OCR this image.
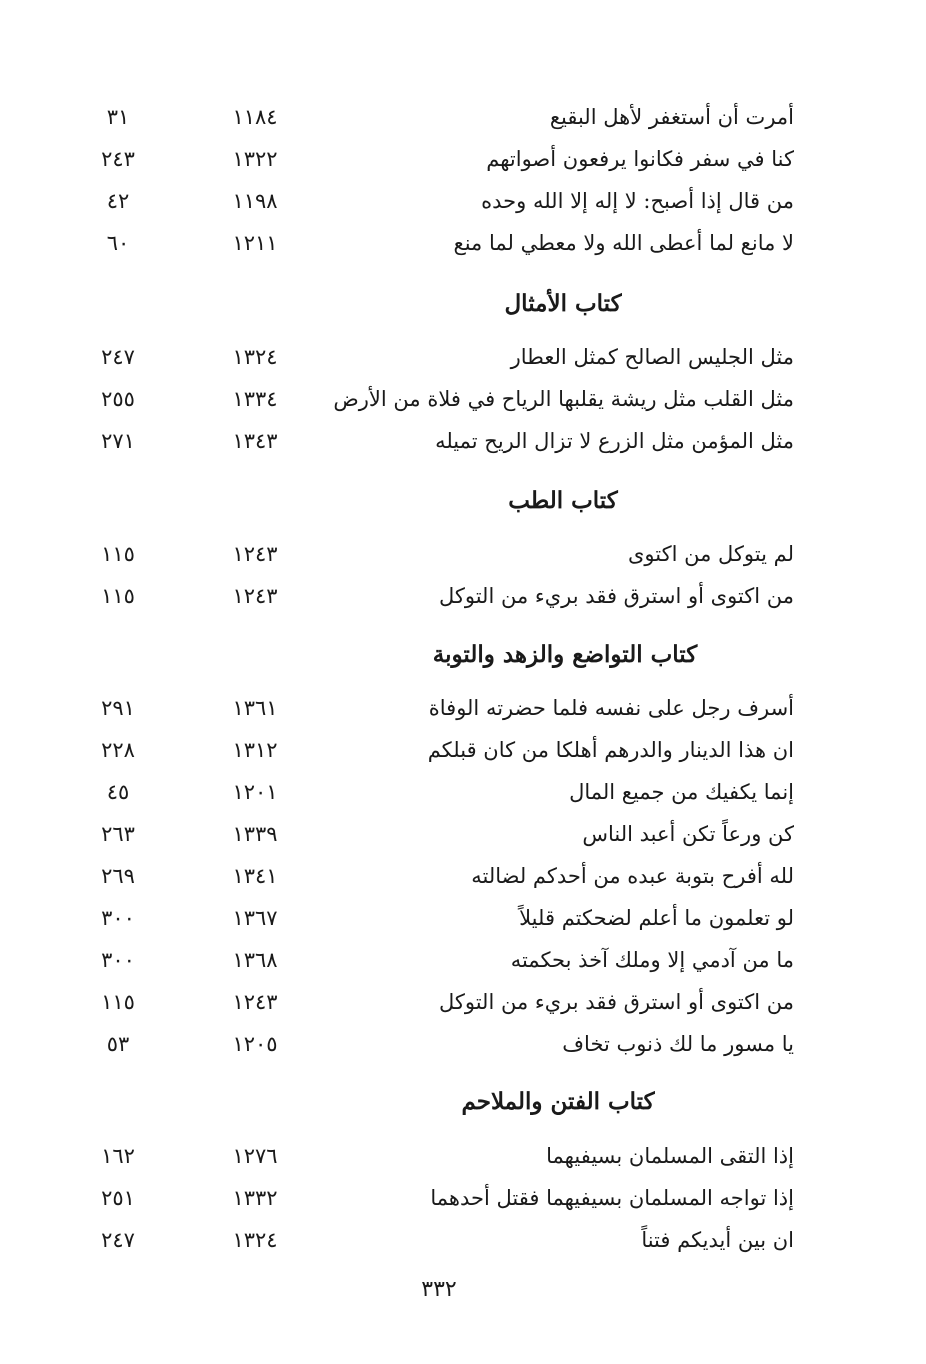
أمرت أن أستغفر لأهل البقيع
١١٨٤
٣١
كنا في سفر فكانوا يرفعون أصواتهم
١٣٢٢
٢٤٣
من قال إذا أصبح: لا إله إلا الله وحده
١١٩٨
٤٢
لا مانع لما أعطى الله ولا معطي لما منع
١٢١١
٦٠
كتاب الأمثال
مثل الجليس الصالح كمثل العطار
١٣٢٤
٢٤٧
مثل القلب مثل ريشة يقلبها الرياح في فلاة من الأرض
١٣٣٤
٢٥٥
مثل المؤمن مثل الزرع لا تزال الريح تميله
١٣٤٣
٢٧١
كتاب الطب
لم يتوكل من اكتوى
١٢٤٣
١١٥
من اكتوى أو استرق فقد بريء من التوكل
١٢٤٣
١١٥
كتاب التواضع والزهد والتوبة
أسرف رجل على نفسه فلما حضرته الوفاة
١٣٦١
٢٩١
ان هذا الدينار والدرهم أهلكا من كان قبلكم
١٣١٢
٢٢٨
إنما يكفيك من جميع المال
١٢٠١
٤٥
كن ورعاً تكن أعبد الناس
١٣٣٩
٢٦٣
لله أفرح بتوبة عبده من أحدكم لضالته
١٣٤١
٢٦٩
لو تعلمون ما أعلم لضحكتم قليلاً
١٣٦٧
٣٠٠
ما من آدمي إلا وملك آخذ بحكمته
١٣٦٨
٣٠٠
من اكتوى أو استرق فقد بريء من التوكل
١٢٤٣
١١٥
يا مسور ما لك ذنوب تخاف
١٢٠٥
٥٣
كتاب الفتن والملاحم
إذا التقى المسلمان بسيفيهما
١٢٧٦
١٦٢
إذا تواجه المسلمان بسيفيهما فقتل أحدهما
١٣٣٢
٢٥١
ان بين أيديكم فتناً
١٣٢٤
٢٤٧
٣٣٢
